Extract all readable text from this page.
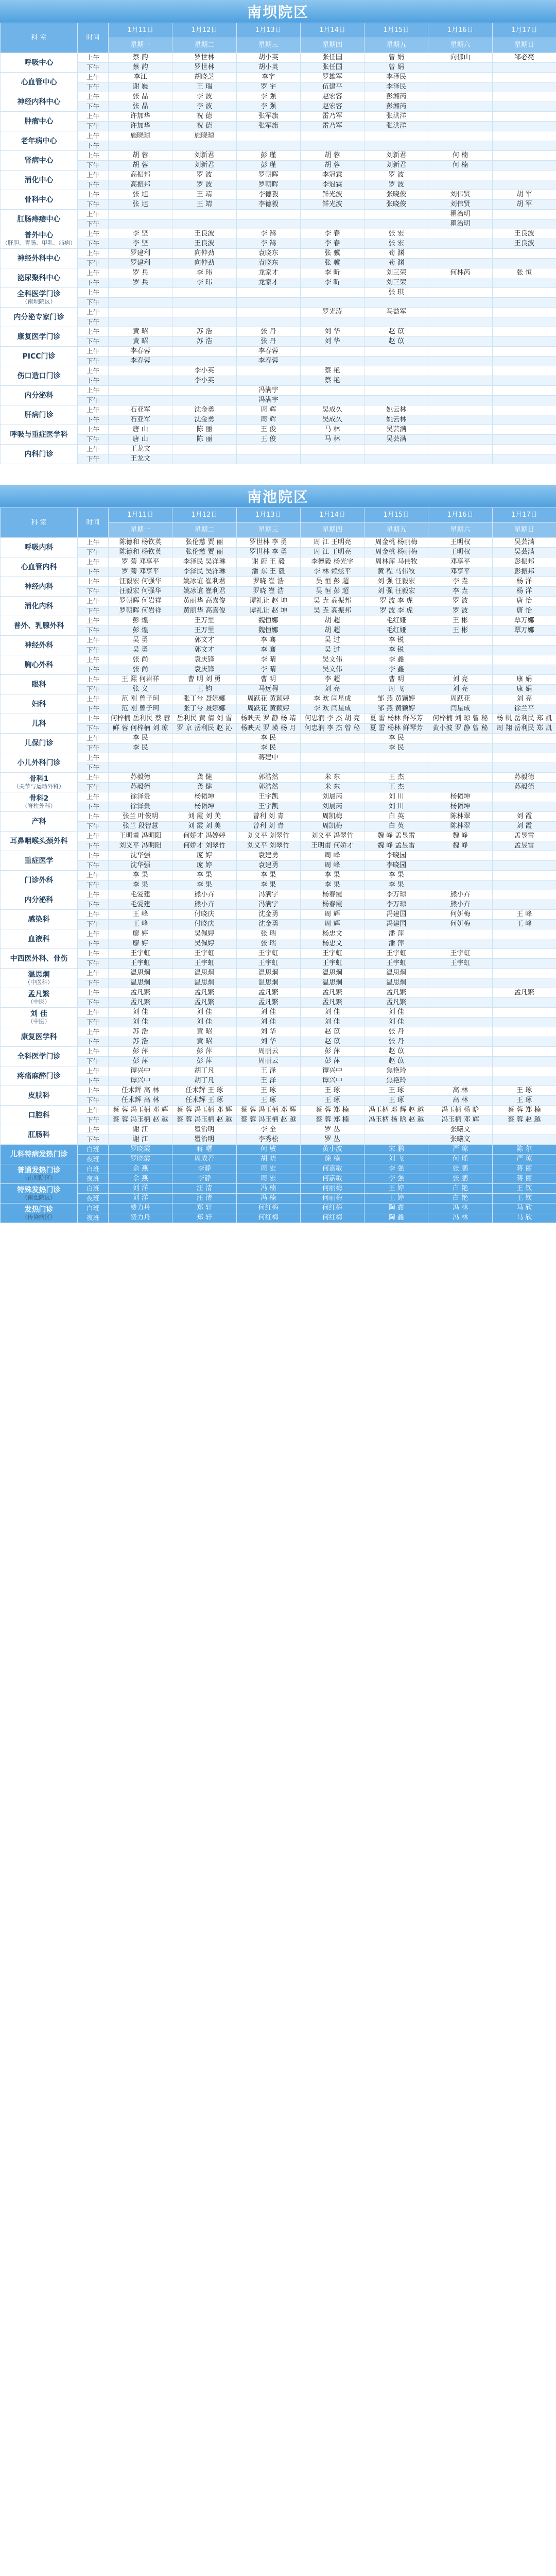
南坝院区
科 室	时间	1月11日	1月12日	1月13日	1月14日	1月15日	1月16日	1月17日
		星期一	星期二	星期三	星期四	星期五	星期六	星期日
呼吸中心	上午	蔡 韵	罗世林	胡小英	张任国	曾 娟	向郁山	邹必亮
	下午	蔡 韵	罗世林	胡小英	张任国	曾 娟		
心血管中心	上午	李江	胡晓芝	李字	罗雄军	李泽民		
	下午	谢 巍	王 瑞	罗 宇	伍建平	李泽民		
神经内科中心	上午	张 晶	李 波	李 强	赵宏容	彭湘芮		
	下午	张 晶	李 波	李 强	赵宏容	彭湘芮		
肿瘤中心	上午	许加华	祝 德	张军旗	雷乃军	张洪洋		
	下午	许加华	祝 德	张军旗	雷乃军	张洪洋		
老年病中心	上午	施晓琼	施晓琼					
	下午							
肾病中心	上午	胡 蓉	刘新君	彭 瑾	胡 蓉	刘新君	何 楠	
	下午	胡 蓉	刘新君	彭 瑾	胡 蓉	刘新君	何 楠	
消化中心	上午	高振邦	罗 波	罗朝晖	李冠霖	罗 波		
	下午	高振邦	罗 波	罗朝晖	李冠霖	罗 波		
骨科中心	上午	张 旭	王 靖	李德毅	鲜光波	张晓俊	刘伟贤	胡 军
	下午	张 旭	王 靖	李德毅	鲜光波	张晓俊	刘伟贤	胡 军
肛肠痔瘘中心	上午						瞿治明	
	下午						瞿治明	
普外中心
（肝胆、胃肠、甲乳、疝病）	上午	李 坚	王良波	李 鹄	李 春	张 宏		王良波
	下午	李 坚	王良波	李 鹄	李 春	张 宏		王良波
神经外科中心	上午	罗建利	向仲劲	袁晓东	张 骥	苟 渊		
	下午	罗建利	向仲劲	袁晓东	张 骥	苟 渊		
泌尿聚科中心	上午	罗 兵	李 玮	龙家才	李 昕	刘三荣	何林芮	张 恒
	下午	罗 兵	李 玮	龙家才	李 昕	刘三荣		
全科医学门诊
（南坝院区）	上午					张 琪		
	下午							
内分泌专家门诊	上午				罗光涛	马益军		
	下午							
康复医学门诊	上午	黄 昭	苏 浩	张 丹	刘 华	赵 苡		
	下午	黄 昭	苏 浩	张 丹	刘 华	赵 苡		
PICC门诊	上午	李春蓉		李春蓉				
	下午	李春蓉		李春蓉				
伤口造口门诊	上午		李小英		蔡 艳			
	下午		李小英		蔡 艳			
内分泌科	上午			冯满宇				
	下午			冯满宇				
肝病门诊	上午	石亚军	沈金勇	周 辉	吴成久	姚云林		
	下午	石亚军	沈金勇	周 辉	吴成久	姚云林		
呼吸与重症医学科	上午	唐 山	陈 丽	王 俊	马 林	吴芸满		
	下午	唐 山	陈 丽	王 俊	马 林	吴芸满		
内科门诊	上午	王龙文						
	下午	王龙文						
南池院区
科 室	时间	1月11日	1月12日	1月13日	1月14日	1月15日	1月16日	1月17日
		星期一	星期二	星期三	星期四	星期五	星期六	星期日
呼吸内科	上午	陈德和 杨钦英	张伦慈 贾 丽	罗世林 李 勇	周 江 王明亮	周金桃 杨丽梅	王明权	吴芸满
	下午	陈德和 杨钦英	张伦慈 贾 丽	罗世林 李 勇	周 江 王明亮	周金桃 杨丽梅	王明权	吴芸满
心血管内科	上午	罗 菊 邓享平	李泽民 吴洋琳	谢 蔚 王 毅	李德毅 杨光字	周林萍 马伟牧	邓享平	彭振邦
	下午	罗 菊 邓享平	李泽民 吴洋琳	潘 东 王 毅	李 林 赖炫平	黄 程 马伟牧	邓享平	彭振邦
神经内科	上午	汪毅宏 何强华	姚冰谊 崔利君	罗晓 崔 浩	吴 恒 彭 超	刘 强 汪毅宏	李 垚	杨 洋
	下午	汪毅宏 何强华	姚冰谊 崔利君	罗晓 崔 浩	吴 恒 彭 超	刘 强 汪毅宏	李 垚	杨 洋
消化内科	上午	罗朝晖 何岩祥	黄丽华 高嘉俊	谭礼让 赵 坤	吴 垚 高振邦	罗 波 李 虎	罗 波	唐 怡
	下午	罗朝晖 何岩祥	黄丽华 高嘉俊	谭礼让 赵 坤	吴 垚 高振邦	罗 波 李 虎	罗 波	唐 怡
普外、乳腺外科	上午	彭 煌	王万里	魏恒娜	胡 超	毛红娅	王 彬	覃万娜
	下午	彭 煌	王万里	魏恒娜	胡 超	毛红娅	王 彬	覃万娜
神经外科	上午	吴 勇	郭文才	李 骞	吴 过	李 锐		
	下午	吴 勇	郭文才	李 骞	吴 过	李 锐		
胸心外科	上午	张 尚	袁庆锋	李 晴	吴文伟	李 鑫		
	下午	张 尚	袁庆锋	李 晴	吴文伟	李 鑫		
眼科	上午	王 熙 何岩祥	曹 明 刘 勇	曹 明	李 超	曹 明	刘 亮	康 娟
	下午	张 义	王 钧	马远程	刘 亮	周 飞	刘 亮	康 娟
妇科	上午	范 刚 曾子珂	张丁兮 聂娜娜	周跃花 黄颖婷	李 欢 闫星成	邹 燕 黄颖婷	周跃花	刘 亮
	下午	范 刚 曾子珂	张丁兮 聂娜娜	周跃花 黄颖婷	李 欢 闫星成	邹 燕 黄颖婷	闫星成	徐兰平
儿科	上午	何梓楠 岳利民 蔡 蓉	岳利民 黄 倩 刘 雪	杨映天 罗 静 杨 靖	何忠润 李 杰 胡 亮	夏 雷 杨林 鲜琴芳	何梓楠 刘 琼 曾 秘	杨 帆 岳利民 郑 凯
	下午	鲜 蓉 何梓楠 刘 琼	罗 京 岳利民 赵 沁	杨映天 罗 瑛 杨 月	何忠润 李 杰 曾 秘	夏 雷 杨林 鲜琴芳	黄小波 罗 静 曾 秘	周 翔 岳利民 郑 凯
儿保门诊	上午	李 民		李 民		李 民		
	下午	李 民		李 民		李 民		
小儿外科门诊	上午			蒋建中				
	下午							
骨科1
（关节与运动外科）	上午	苏毅德	龚 健	郭浩然	米 东	王 杰		苏毅德
	下午	苏毅德	龚 健	郭浩然	米 东	王 杰		苏毅德
骨科2
（脊柱外科）	上午	徐泽贵	杨韬坤	王宇凯	刘晨芮	刘 川	杨韬坤	
	下午	徐泽贵	杨韬坤	王宇凯	刘晨芮	刘 川	杨韬坤	
产科	上午	张兰 叶俊明	刘 霞 刘 美	曾利 刘 青	周凯梅	白 英	陈林翠	刘 霞
	下午	张兰 段智慧	刘 霞 刘 美	曾利 刘 青	周凯梅	白 英	陈林翠	刘 霞
耳鼻咽喉头颈外科	上午	王明甫 冯明阳	何娇才 冯婷婷	刘义平 刘翠竹	刘义平 冯翠竹	魏 峥 孟昱雷	魏 峥	孟昱雷
	下午	刘义平 冯明阳	何娇才 刘翠竹	刘义平 刘翠竹	王明甫 何娇才	魏 峥 孟昱雷	魏 峥	孟昱雷
重症医学	上午	沈华强	庞 婷	袁建勇	周 峰	李晓园		
	下午	沈华强	庞 婷	袁建勇	周 峰	李晓园		
门诊外科	上午	李 果	李 果	李 果	李 果	李 果		
	下午	李 果	李 果	李 果	李 果	李 果		
内分泌科	上午	毛爱建	熊小卉	冯满宇	杨春霞	李万琼	熊小卉	
	下午	毛爱建	熊小卉	冯满宇	杨春霞	李万琼	熊小卉	
感染科	上午	王 峰	付晓庆	沈金勇	周 辉	冯建国	何妍梅	王 峰
	下午	王 峰	付晓庆	沈金勇	周 辉	冯建国	何妍梅	王 峰
血液科	上午	廖 婷	吴佩婷	张 瑞	杨忠文	潘 萍		
	下午	廖 婷	吴佩婷	张 瑞	杨忠文	潘 萍		
中西医外科、骨伤	上午	王宇虹	王宇虹	王宇虹	王宇虹	王宇虹	王宇虹	
	下午	王宇虹	王宇虹	王宇虹	王宇虹	王宇虹	王宇虹	
温思炯
（中医科）	上午	温思炯	温思炯	温思炯	温思炯	温思炯		
	下午	温思炯	温思炯	温思炯	温思炯	温思炯		
孟凡繁
（中医）	上午	孟凡繁	孟凡繁	孟凡繁	孟凡繁	孟凡繁		孟凡繁
	下午	孟凡繁	孟凡繁	孟凡繁	孟凡繁	孟凡繁		
刘 佳
（中医）	上午	刘 佳	刘 佳	刘 佳	刘 佳	刘 佳		
	下午	刘 佳	刘 佳	刘 佳	刘 佳	刘 佳		
康复医学科	上午	苏 浩	黄 昭	刘 华	赵 苡	张 丹		
	下午	苏 浩	黄 昭	刘 华	赵 苡	张 丹		
全科医学门诊	上午	彭 萍	彭 萍	周丽云	彭 萍	赵 苡		
	下午	彭 萍	彭 萍	周丽云	彭 萍	赵 苡		
疼痛麻醉门诊	上午	谭兴中	胡丁凡	王 泽	谭兴中	焦艳玲		
	下午	谭兴中	胡丁凡	王 泽	谭兴中	焦艳玲		
皮肤科	上午	任术辉 高 林	任术辉 王 琢	王 琢	王 琢	王 琢	高 林	王 琢
	下午	任术辉 高 林	任术辉 王 琢	王 琢	王 琢	王 琢	高 林	王 琢
口腔科	上午	蔡 蓉 冯玉柄 邓 辉	蔡 蓉 冯玉柄 邓 辉	蔡 蓉 冯玉柄 邓 辉	蔡 蓉 郑 楠	冯玉柄 邓 辉 赵 越	冯玉柄 杨 晗	蔡 蓉 郑 楠
	下午	蔡 蓉 冯玉柄 赵 越	蔡 蓉 冯玉柄 赵 越	蔡 蓉 冯玉柄 赵 越	蔡 蓉 郑 楠	冯玉柄 杨 晗 赵 越	冯玉柄 邓 辉	蔡 蓉 赵 越
肛肠科	上午	谢 江	瞿治明	李 全	罗 丛		张曦文	
	下午	谢 江	瞿治明	李秀松	罗 丛		张曦文	
儿科特病发热门诊	白班	罗晓霞	蒋 曙	何 敏	黄小波	宋 鹏	严 琼	陈 尔
	夜班	罗晓霞	周成若	胡 晓	徐 楠	刘 飞	何 瑶	严 琼
普通发热门诊
（南坝院区）	白班	余 燕	李静	周 宏	何嘉敏	李 强	张 鹏	蒋 丽
	夜班	余 燕	李静	周 宏	何嘉敏	李 强	张 鹏	蒋 丽
特殊发热门诊
（南池院区）	白班	刘 洋	汪 清	冯 楠	何丽梅	王 婷	白 艳	王 钦
	夜班	刘 洋	汪 清	冯 楠	何丽梅	王 婷	白 艳	王 钦
发热门诊
（传染病区）	白班	费力丹	郑 轩	何红梅	何红梅	陶 鑫	冯 林	马 欣
	夜班	费力丹	郑 轩	何红梅	何红梅	陶 鑫	冯 林	马 欣
